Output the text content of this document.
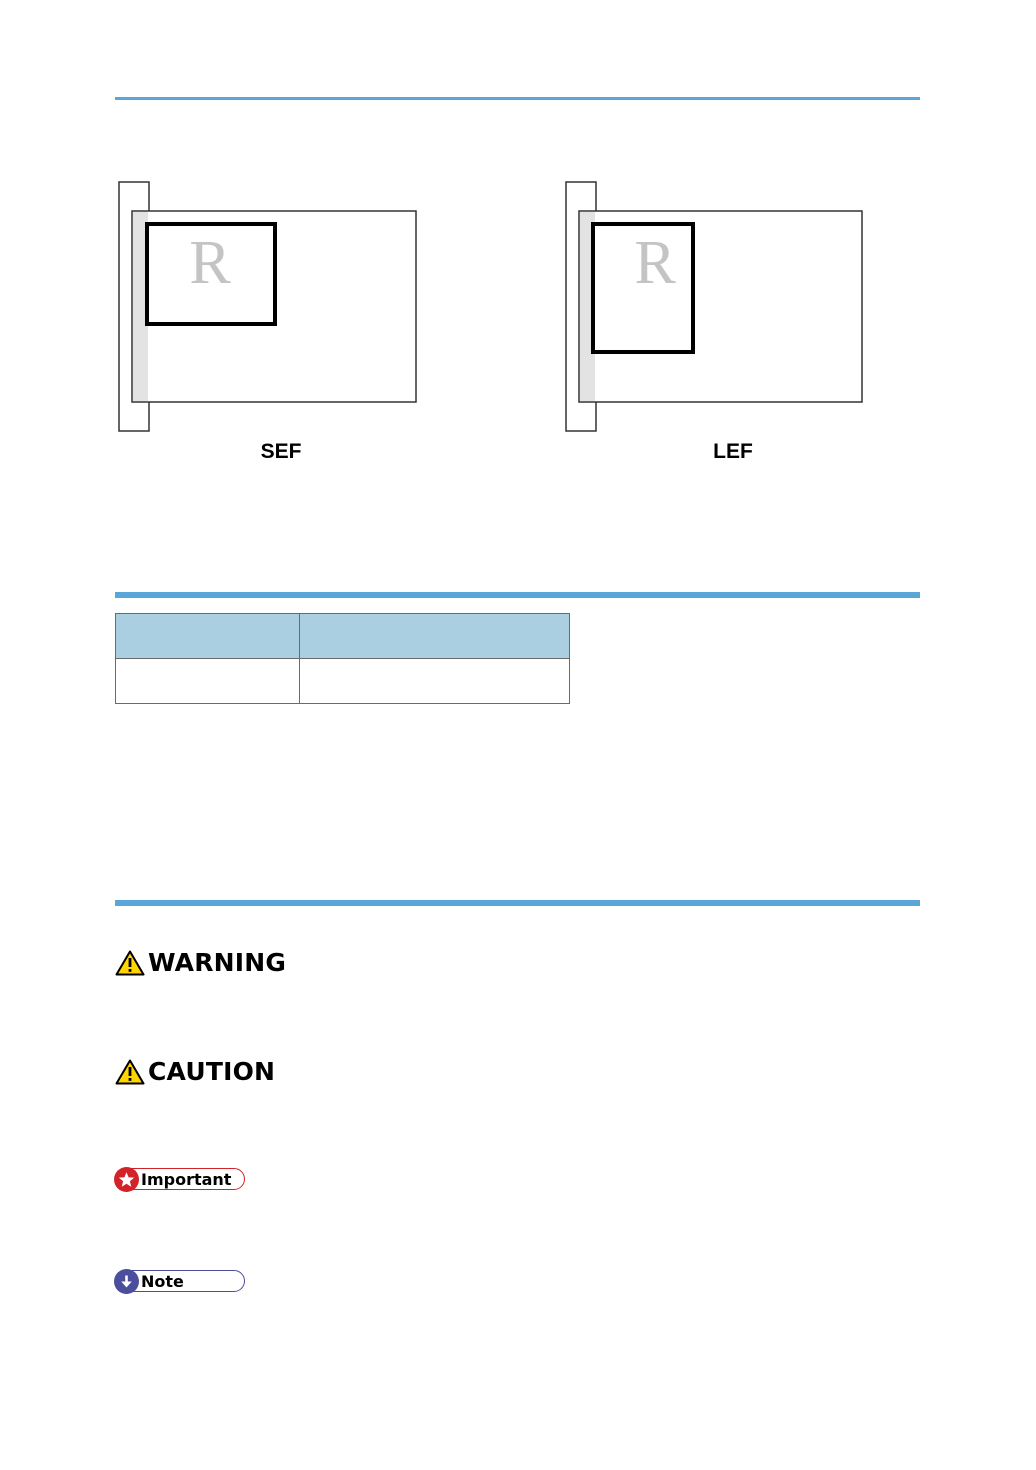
R
SEF
R
LEF

WARNING
CAUTION
Important
Note
